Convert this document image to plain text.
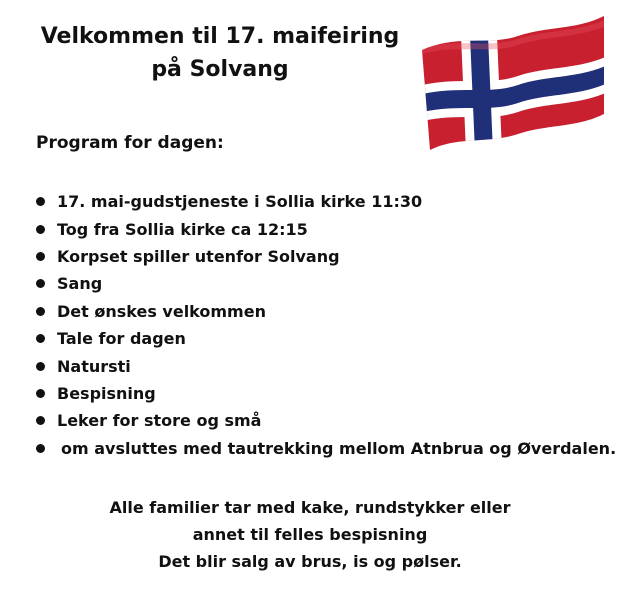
Velkommen til 17. maifeiring
på Solvang
Program for dagen:
17. mai-gudstjeneste i Sollia kirke 11:30
Tog fra Sollia kirke ca 12:15
Korpset spiller utenfor Solvang
Sang
Det ønskes velkommen
Tale for dagen
Natursti
Bespisning
Leker for store og små
om avsluttes med tautrekking mellom Atnbrua og Øverdalen.
Alle familier tar med kake, rundstykker eller
annet til felles bespisning
Det blir salg av brus, is og pølser.
